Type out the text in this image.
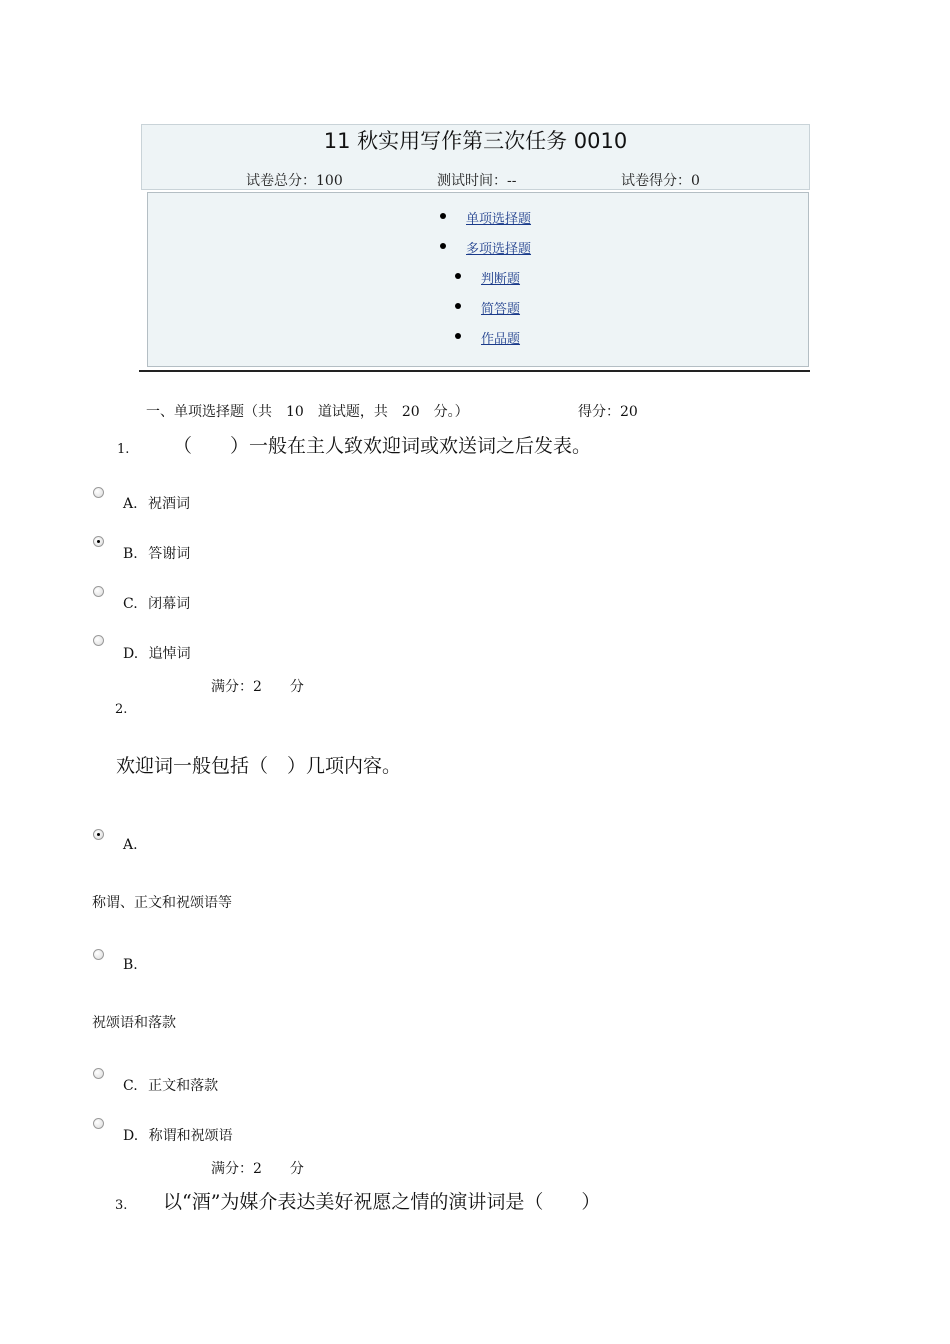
11 秋实用写作第三次任务 0010
试卷总分：100	测试时间：--	试卷得分：0
单项选择题
多项选择题
判断题
简答题
作品题
一、单项选择题（共　10　道试题，共　20　分。）	得分：20
1. （　　）一般在主人致欢迎词或欢送词之后发表。
A. 祝酒词
B. 答谢词
C. 闭幕词
D. 追悼词
满分：2　　分
2.
欢迎词一般包括（　）几项内容。
A.
称谓、正文和祝颂语等
B.
祝颂语和落款
C. 正文和落款
D. 称谓和祝颂语
满分：2　　分
3. 以“酒”为媒介表达美好祝愿之情的演讲词是（　　）
